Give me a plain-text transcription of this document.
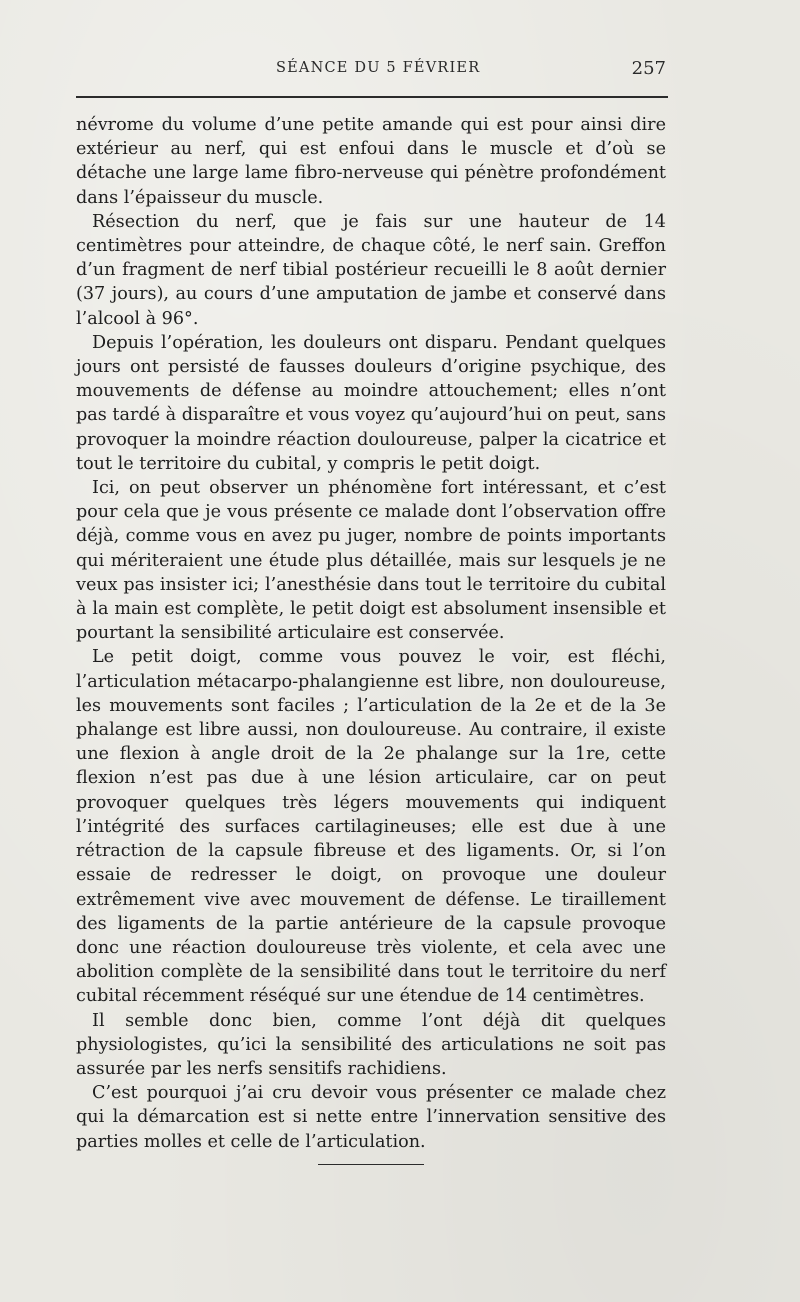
SÉANCE DU 5 FÉVRIER	257

névrome du volume d’une petite amande qui est pour ainsi dire extérieur au nerf, qui est enfoui dans le muscle et d’où se détache une large lame fibro-nerveuse qui pénètre profondément dans l’épaisseur du muscle.

Résection du nerf, que je fais sur une hauteur de 14 centimètres pour atteindre, de chaque côté, le nerf sain. Greffon d’un fragment de nerf tibial postérieur recueilli le 8 août dernier (37 jours), au cours d’une amputation de jambe et conservé dans l’alcool à 96°.

Depuis l’opération, les douleurs ont disparu. Pendant quelques jours ont persisté de fausses douleurs d’origine psychique, des mouvements de défense au moindre attouchement; elles n’ont pas tardé à disparaître et vous voyez qu’aujourd’hui on peut, sans provoquer la moindre réaction douloureuse, palper la cicatrice et tout le territoire du cubital, y compris le petit doigt.

Ici, on peut observer un phénomène fort intéressant, et c’est pour cela que je vous présente ce malade dont l’observation offre déjà, comme vous en avez pu juger, nombre de points importants qui mériteraient une étude plus détaillée, mais sur lesquels je ne veux pas insister ici; l’anesthésie dans tout le territoire du cubital à la main est complète, le petit doigt est absolument insensible et pourtant la sensibilité articulaire est conservée.

Le petit doigt, comme vous pouvez le voir, est fléchi, l’articulation métacarpo-phalangienne est libre, non douloureuse, les mouvements sont faciles ; l’articulation de la 2e et de la 3e phalange est libre aussi, non douloureuse. Au contraire, il existe une flexion à angle droit de la 2e phalange sur la 1re, cette flexion n’est pas due à une lésion articulaire, car on peut provoquer quelques très légers mouvements qui indiquent l’intégrité des surfaces cartilagineuses; elle est due à une rétraction de la capsule fibreuse et des ligaments. Or, si l’on essaie de redresser le doigt, on provoque une douleur extrêmement vive avec mouvement de défense. Le tiraillement des ligaments de la partie antérieure de la capsule provoque donc une réaction douloureuse très violente, et cela avec une abolition complète de la sensibilité dans tout le territoire du nerf cubital récemment réséqué sur une étendue de 14 centimètres.

Il semble donc bien, comme l’ont déjà dit quelques physiologistes, qu’ici la sensibilité des articulations ne soit pas assurée par les nerfs sensitifs rachidiens.

C’est pourquoi j’ai cru devoir vous présenter ce malade chez qui la démarcation est si nette entre l’innervation sensitive des parties molles et celle de l’articulation.
